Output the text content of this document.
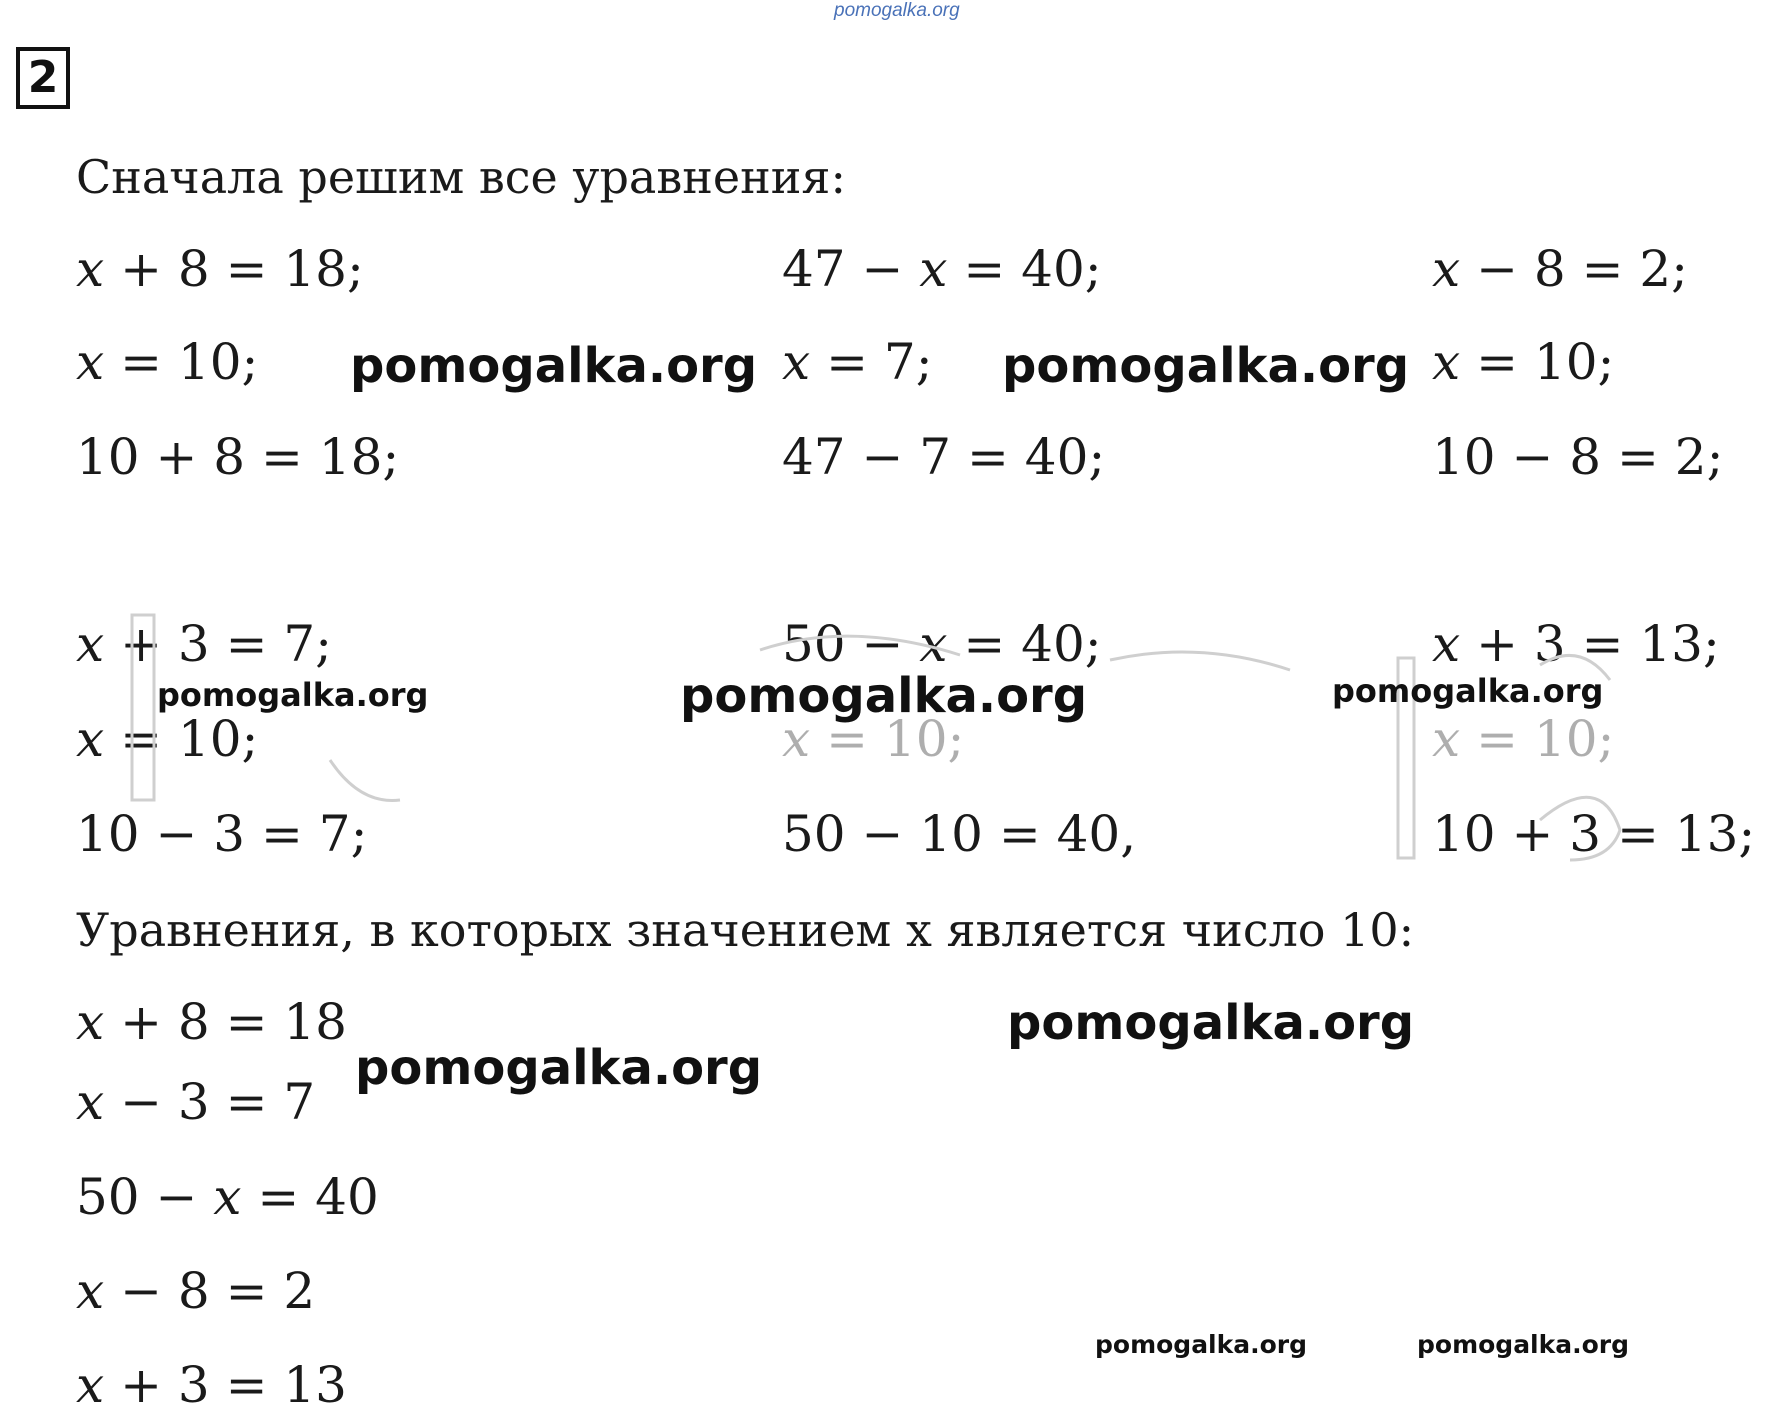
pomogalka.org
2
Сначала решим все уравнения:
𝑥 + 8 = 18;
𝑥 = 10;
10 + 8 = 18;
47 − 𝑥 = 40;
𝑥 = 7;
47 − 7 = 40;
𝑥 − 8 = 2;
𝑥 = 10;
10 − 8 = 2;
𝑥 + 3 = 7;
𝑥 = 10;
10 − 3 = 7;
50 − 𝑥 = 40;
𝑥 = 10;
50 − 10 = 40,
𝑥 + 3 = 13;
𝑥 = 10;
10 + 3 = 13;
Уравнения, в которых значением x является число 10:
𝑥 + 8 = 18
𝑥 − 3 = 7
50 − 𝑥 = 40
𝑥 − 8 = 2
𝑥 + 3 = 13
pomogalka.org	pomogalka.org
pomogalka.org	pomogalka.org	pomogalka.org
pomogalka.org
pomogalka.org
pomogalka.org	pomogalka.org
